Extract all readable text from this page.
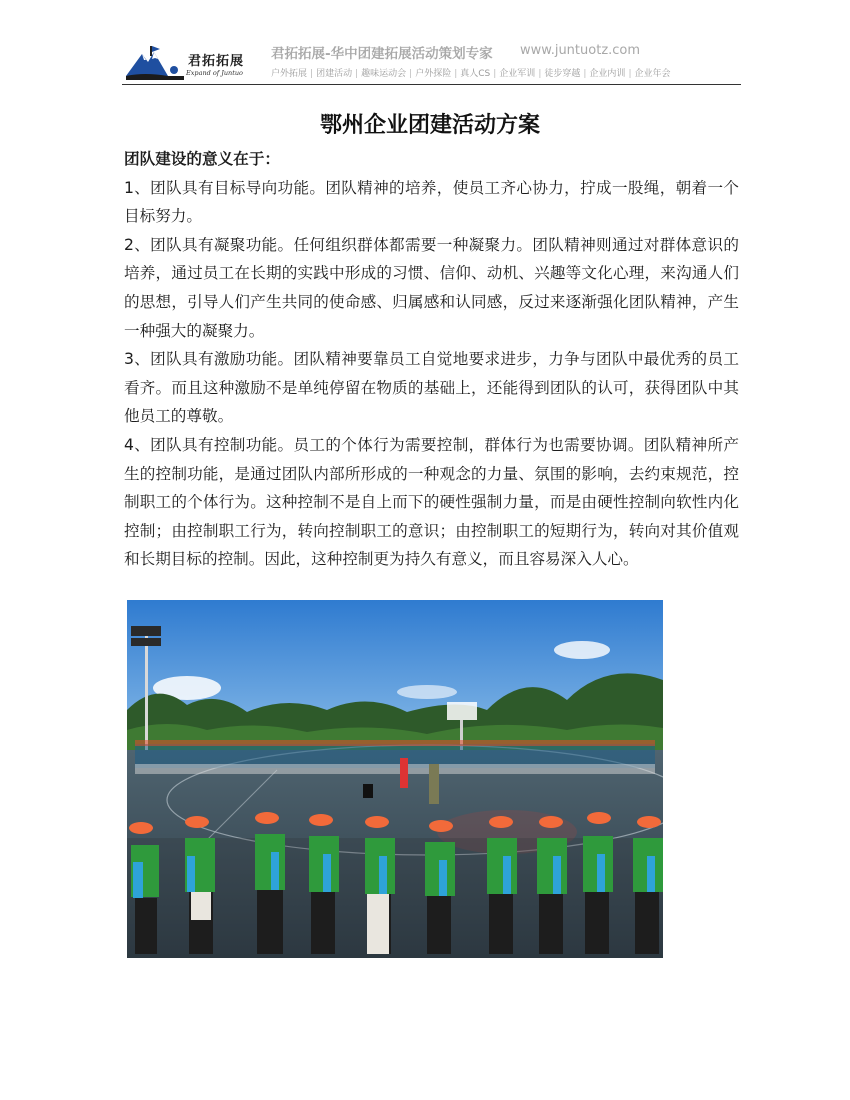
君拓拓展
Expand of Juntuo
君拓拓展-华中团建拓展活动策划专家 www.juntuotz.com
户外拓展 | 团建活动 | 趣味运动会 | 户外探险 | 真人CS | 企业军训 | 徒步穿越 | 企业内训 | 企业年会
鄂州企业团建活动方案

团队建设的意义在于：

1、团队具有目标导向功能。团队精神的培养，使员工齐心协力，拧成一股绳，朝着一个目标努力。

2、团队具有凝聚功能。任何组织群体都需要一种凝聚力。团队精神则通过对群体意识的培养，通过员工在长期的实践中形成的习惯、信仰、动机、兴趣等文化心理，来沟通人们的思想，引导人们产生共同的使命感、归属感和认同感，反过来逐渐强化团队精神，产生一种强大的凝聚力。

3、团队具有激励功能。团队精神要靠员工自觉地要求进步，力争与团队中最优秀的员工看齐。而且这种激励不是单纯停留在物质的基础上，还能得到团队的认可，获得团队中其他员工的尊敬。

4、团队具有控制功能。员工的个体行为需要控制，群体行为也需要协调。团队精神所产生的控制功能，是通过团队内部所形成的一种观念的力量、氛围的影响，去约束规范，控制职工的个体行为。这种控制不是自上而下的硬性强制力量，而是由硬性控制向软性内化控制；由控制职工行为，转向控制职工的意识；由控制职工的短期行为，转向对其价值观和长期目标的控制。因此，这种控制更为持久有意义，而且容易深入人心。
